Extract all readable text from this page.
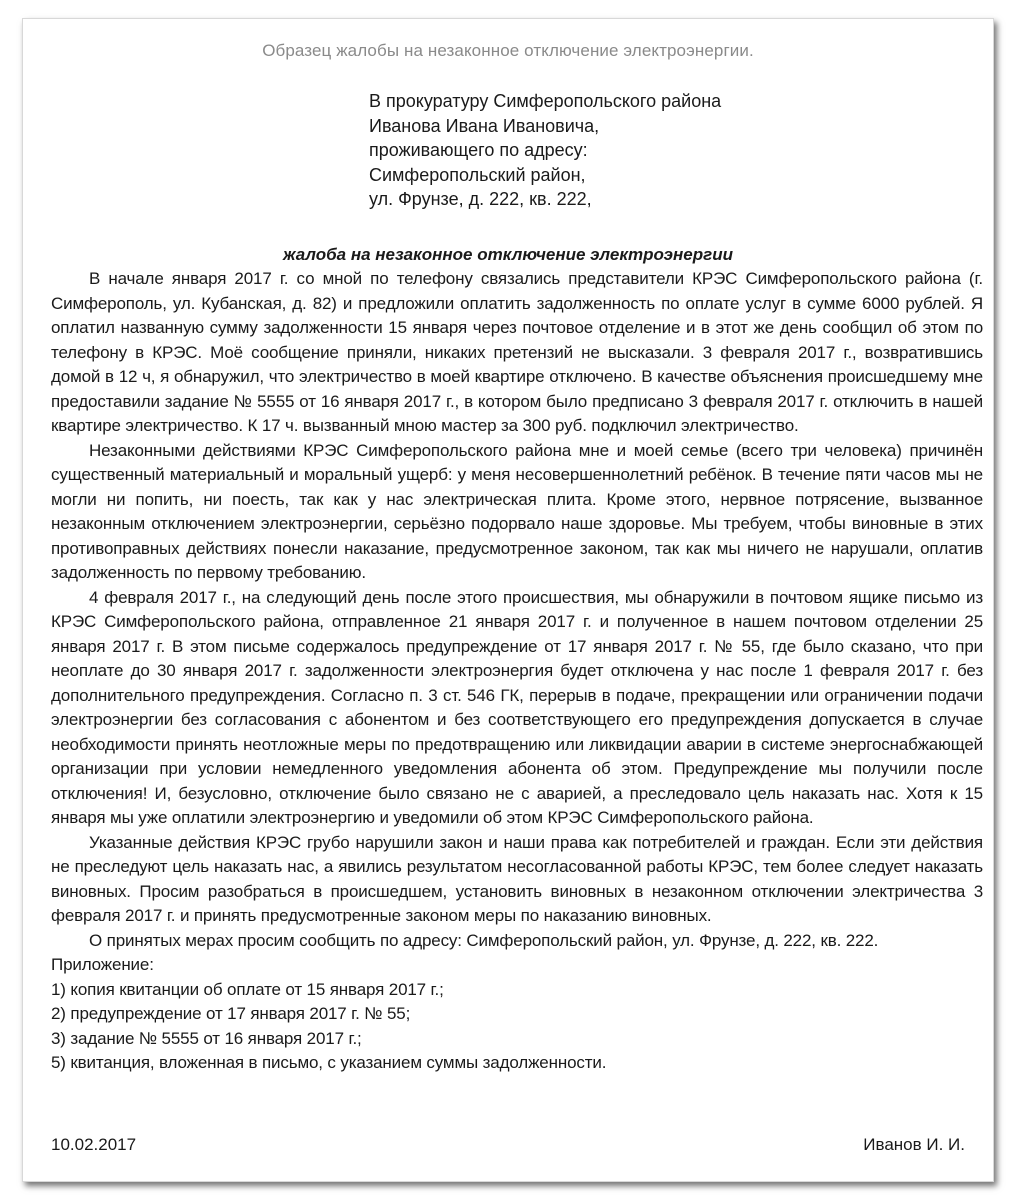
Образец жалобы на незаконное отключение электроэнергии.
В прокуратуру Симферопольского района
Иванова Ивана Ивановича,
проживающего по адресу:
Симферопольский район,
ул. Фрунзе, д. 222, кв. 222,
жалоба на незаконное отключение электроэнергии

В начале января 2017 г. со мной по телефону связались представители КРЭС Симферопольского района (г. Симферополь, ул. Кубанская, д. 82) и предложили оплатить задолженность по оплате услуг в сумме 6000 рублей. Я оплатил названную сумму задолженности 15 января через почтовое отделение и в этот же день сообщил об этом по телефону в КРЭС. Моё сообщение приняли, никаких претензий не высказали. 3 февраля 2017 г., возвратившись домой в 12 ч, я обнаружил, что электричество в моей квартире отключено. В качестве объяснения происшедшему мне предоставили задание № 5555 от 16 января 2017 г., в котором было предписано 3 февраля 2017 г. отключить в нашей квартире электричество. К 17 ч. вызванный мною мастер за 300 руб. подключил электричество.

Незаконными действиями КРЭС Симферопольского района мне и моей семье (всего три человека) причинён существенный материальный и моральный ущерб: у меня несовершеннолетний ребёнок. В течение пяти часов мы не могли ни попить, ни поесть, так как у нас электрическая плита. Кроме этого, нервное потрясение, вызванное незаконным отключением электроэнергии, серьёзно подорвало наше здоровье. Мы требуем, чтобы виновные в этих противоправных действиях понесли наказание, предусмотренное законом, так как мы ничего не нарушали, оплатив задолженность по первому требованию.

4 февраля 2017 г., на следующий день после этого происшествия, мы обнаружили в почтовом ящике письмо из КРЭС Симферопольского района, отправленное 21 января 2017 г. и полученное в нашем почтовом отделении 25 января 2017 г. В этом письме содержалось предупреждение от 17 января 2017 г. № 55, где было сказано, что при неоплате до 30 января 2017 г. задолженности электроэнергия будет отключена у нас после 1 февраля 2017 г. без дополнительного предупреждения. Согласно п. 3 ст. 546 ГК, перерыв в подаче, прекращении или ограничении подачи электроэнергии без согласования с абонентом и без соответствующего его предупреждения допускается в случае необходимости принять неотложные меры по предотвращению или ликвидации аварии в системе энергоснабжающей организации при условии немедленного уведомления абонента об этом. Предупреждение мы получили после отключения! И, безусловно, отключение было связано не с аварией, а преследовало цель наказать нас. Хотя к 15 января мы уже оплатили электроэнергию и уведомили об этом КРЭС Симферопольского района.

Указанные действия КРЭС грубо нарушили закон и наши права как потребителей и граждан. Если эти действия не преследуют цель наказать нас, а явились результатом несогласованной работы КРЭС, тем более следует наказать виновных. Просим разобраться в происшедшем, установить виновных в незаконном отключении электричества 3 февраля 2017 г. и принять предусмотренные законом меры по наказанию виновных.

О принятых мерах просим сообщить по адресу: Симферопольский район, ул. Фрунзе, д. 222, кв. 222.

Приложение:
1) копия квитанции об оплате от 15 января 2017 г.;
2) предупреждение от 17 января 2017 г. № 55;
3) задание № 5555 от 16 января 2017 г.;
5) квитанция, вложенная в письмо, с указанием суммы задолженности.
10.02.2017	Иванов И. И.
